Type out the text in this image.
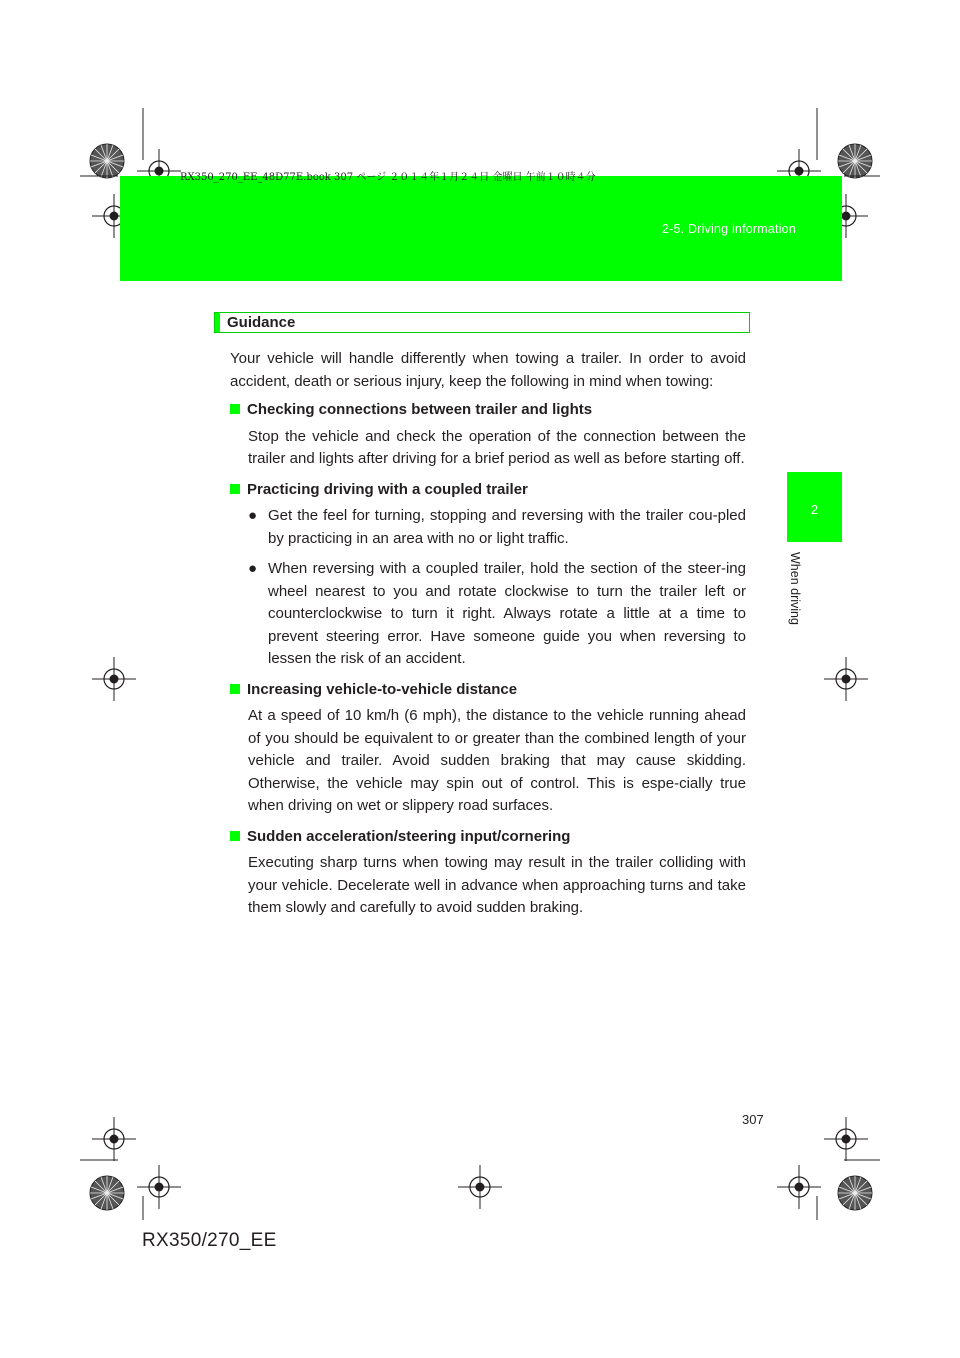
RX350_270_EE_48D77E.book 307 ページ ２０１４年１月２４日 金曜日 午前１０時４分
2-5. Driving information
2
When driving
Guidance

Your vehicle will handle differently when towing a trailer. In order to avoid accident, death or serious injury, keep the following in mind when towing:

Checking connections between trailer and lights

Stop the vehicle and check the operation of the connection between the trailer and lights after driving for a brief period as well as before starting off.

Practicing driving with a coupled trailer
● Get the feel for turning, stopping and reversing with the trailer cou-pled by practicing in an area with no or light traffic.

● When reversing with a coupled trailer, hold the section of the steer-ing wheel nearest to you and rotate clockwise to turn the trailer left or counterclockwise to turn it right. Always rotate a little at a time to prevent steering error. Have someone guide you when reversing to lessen the risk of an accident.

Increasing vehicle-to-vehicle distance

At a speed of 10 km/h (6 mph), the distance to the vehicle running ahead of you should be equivalent to or greater than the combined length of your vehicle and trailer. Avoid sudden braking that may cause skidding. Otherwise, the vehicle may spin out of control. This is espe-cially true when driving on wet or slippery road surfaces.

Sudden acceleration/steering input/cornering

Executing sharp turns when towing may result in the trailer colliding with your vehicle. Decelerate well in advance when approaching turns and take them slowly and carefully to avoid sudden braking.

307
RX350/270_EE
